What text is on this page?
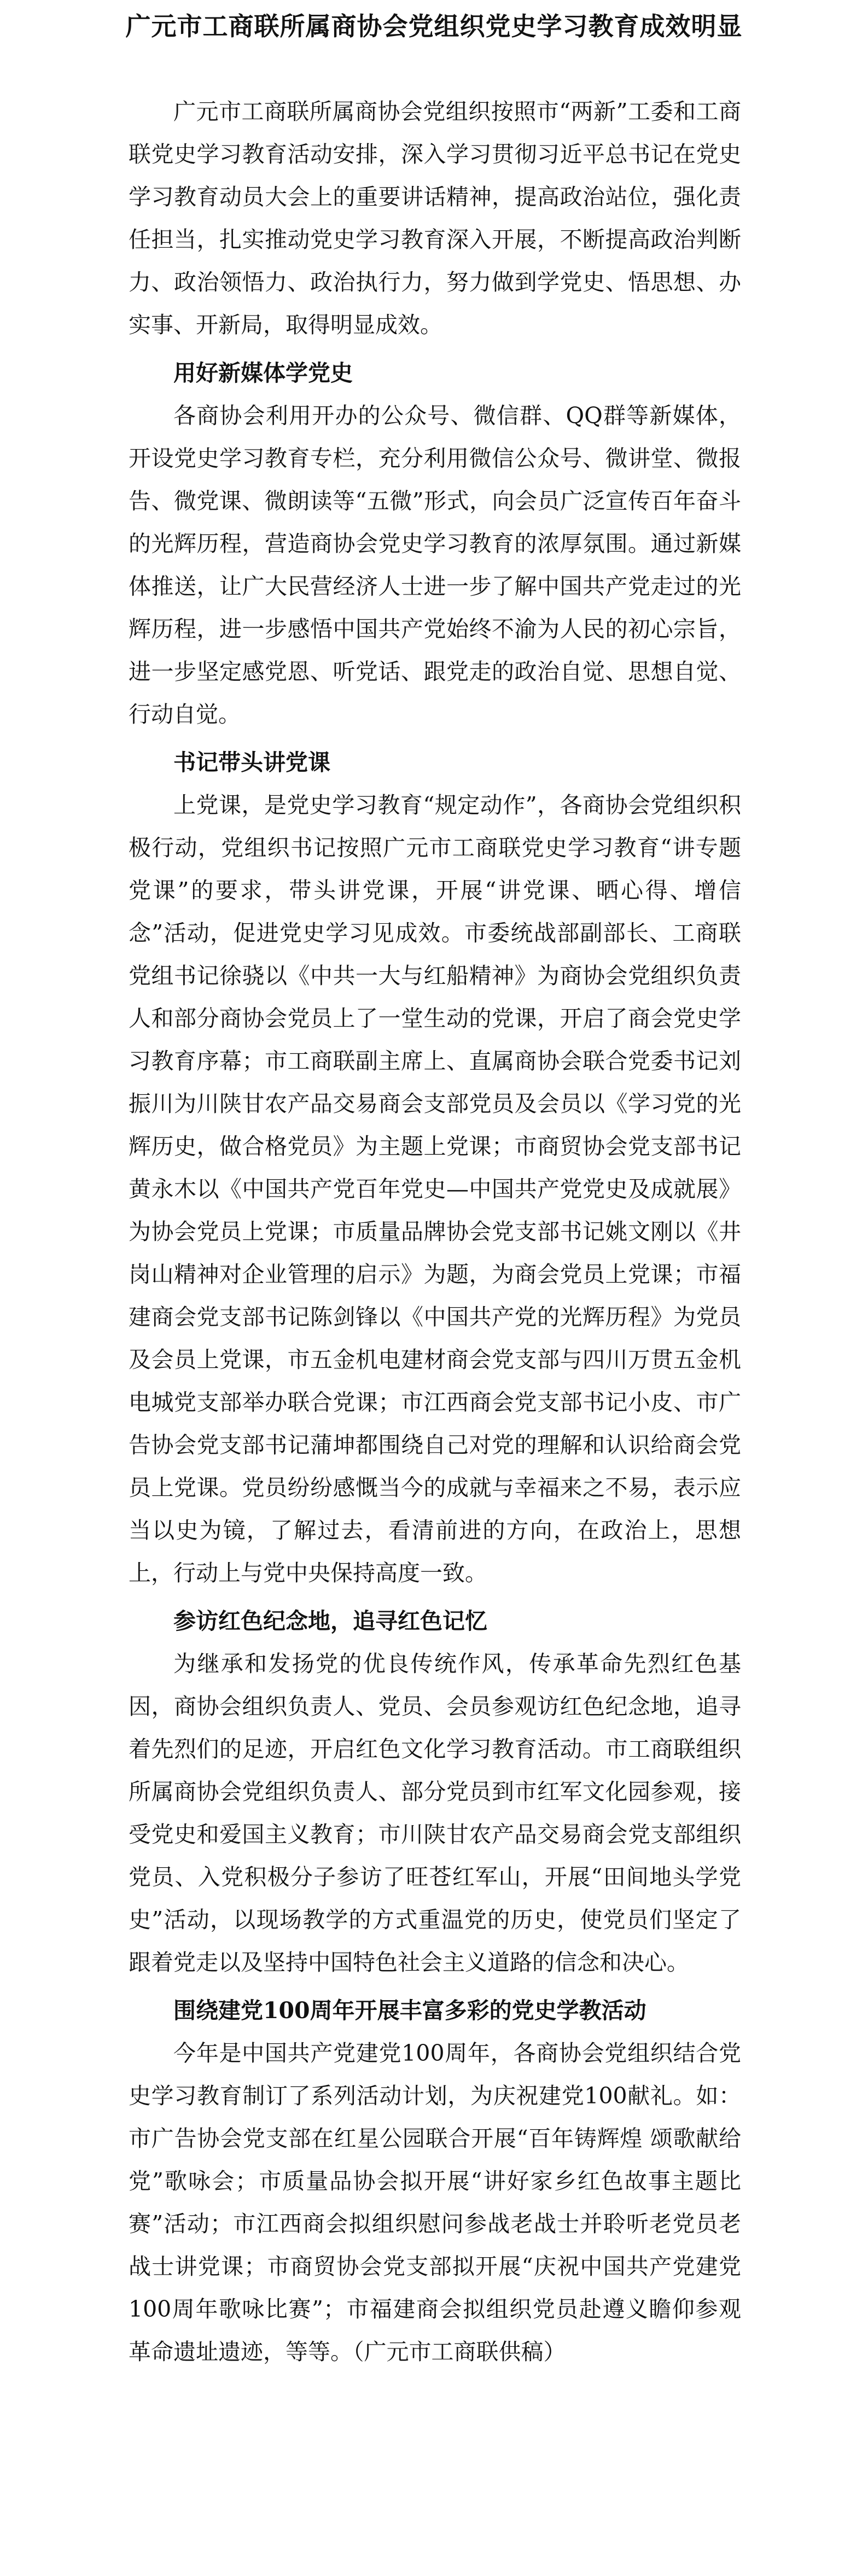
广元市工商联所属商协会党组织党史学习教育成效明显

广元市工商联所属商协会党组织按照市“两新”工委和工商联党史学习教育活动安排，深入学习贯彻习近平总书记在党史学习教育动员大会上的重要讲话精神，提高政治站位，强化责任担当，扎实推动党史学习教育深入开展，不断提高政治判断力、政治领悟力、政治执行力，努力做到学党史、悟思想、办实事、开新局，取得明显成效。

用好新媒体学党史

各商协会利用开办的公众号、微信群、QQ群等新媒体，开设党史学习教育专栏，充分利用微信公众号、微讲堂、微报告、微党课、微朗读等“五微”形式，向会员广泛宣传百年奋斗的光辉历程，营造商协会党史学习教育的浓厚氛围。通过新媒体推送，让广大民营经济人士进一步了解中国共产党走过的光辉历程，进一步感悟中国共产党始终不渝为人民的初心宗旨，进一步坚定感党恩、听党话、跟党走的政治自觉、思想自觉、行动自觉。

书记带头讲党课

上党课，是党史学习教育“规定动作”，各商协会党组织积极行动，党组织书记按照广元市工商联党史学习教育“讲专题党课”的要求，带头讲党课，开展“讲党课、晒心得、增信念”活动，促进党史学习见成效。市委统战部副部长、工商联党组书记徐骁以《中共一大与红船精神》为商协会党组织负责人和部分商协会党员上了一堂生动的党课，开启了商会党史学习教育序幕；市工商联副主席上、直属商协会联合党委书记刘振川为川陕甘农产品交易商会支部党员及会员以《学习党的光辉历史，做合格党员》为主题上党课；市商贸协会党支部书记黄永木以《中国共产党百年党史—中国共产党党史及成就展》为协会党员上党课；市质量品牌协会党支部书记姚文刚以《井岗山精神对企业管理的启示》为题，为商会党员上党课；市福建商会党支部书记陈剑锋以《中国共产党的光辉历程》为党员及会员上党课，市五金机电建材商会党支部与四川万贯五金机电城党支部举办联合党课；市江西商会党支部书记小皮、市广告协会党支部书记蒲坤都围绕自己对党的理解和认识给商会党员上党课。党员纷纷感慨当今的成就与幸福来之不易，表示应当以史为镜，了解过去，看清前进的方向，在政治上，思想上，行动上与党中央保持高度一致。

参访红色纪念地，追寻红色记忆

为继承和发扬党的优良传统作风，传承革命先烈红色基因，商协会组织负责人、党员、会员参观访红色纪念地，追寻着先烈们的足迹，开启红色文化学习教育活动。市工商联组织所属商协会党组织负责人、部分党员到市红军文化园参观，接受党史和爱国主义教育；市川陕甘农产品交易商会党支部组织党员、入党积极分子参访了旺苍红军山，开展“田间地头学党史”活动，以现场教学的方式重温党的历史，使党员们坚定了跟着党走以及坚持中国特色社会主义道路的信念和决心。

围绕建党100周年开展丰富多彩的党史学教活动

今年是中国共产党建党100周年，各商协会党组织结合党史学习教育制订了系列活动计划，为庆祝建党100献礼。如：市广告协会党支部在红星公园联合开展“百年铸辉煌 颂歌献给党”歌咏会；市质量品协会拟开展“讲好家乡红色故事主题比赛”活动；市江西商会拟组织慰问参战老战士并聆听老党员老战士讲党课；市商贸协会党支部拟开展“庆祝中国共产党建党100周年歌咏比赛”；市福建商会拟组织党员赴遵义瞻仰参观革命遗址遗迹，等等。（广元市工商联供稿）
